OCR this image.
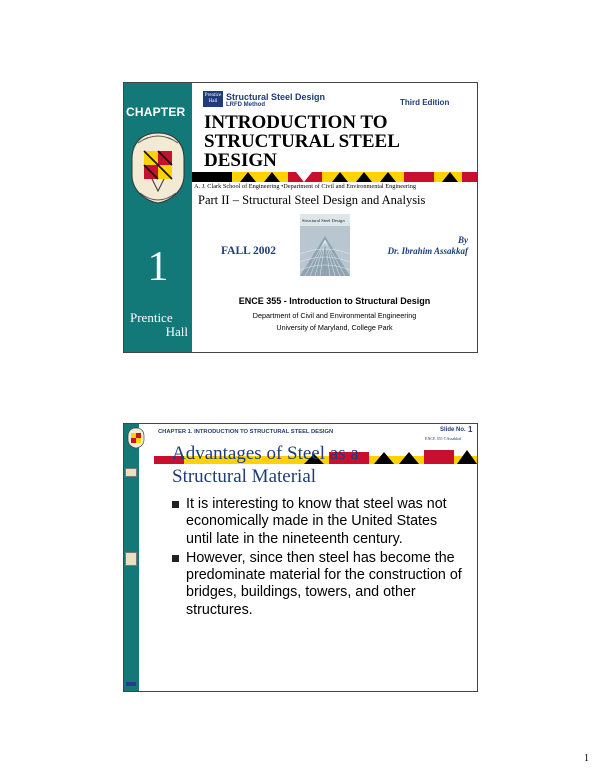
CHAPTER
1
Prentice
Hall
Prentice
Hall Structural Steel Design
LRFD Method	Third Edition
INTRODUCTION TO
STRUCTURAL STEEL
DESIGN
A. J. Clark School of Engineering •Department of Civil and Environmental Engineering
Part II – Structural Steel Design and Analysis
FALL 2002
Structural Steel Design
By
Dr. Ibrahim Assakkaf
ENCE 355 - Introduction to Structural Design
Department of Civil and Environmental Engineering
University of Maryland, College Park
CHAPTER 1. INTRODUCTION TO STRUCTURAL STEEL DESIGN	Slide No. 1
ENCE 355 ©Assakkaf
Advantages of Steel as a
Structural Material
It is interesting to know that steel was not economically made in the United States until late in the nineteenth century.
However, since then steel has become the predominate material for the construction of bridges, buildings, towers, and other structures.
1
